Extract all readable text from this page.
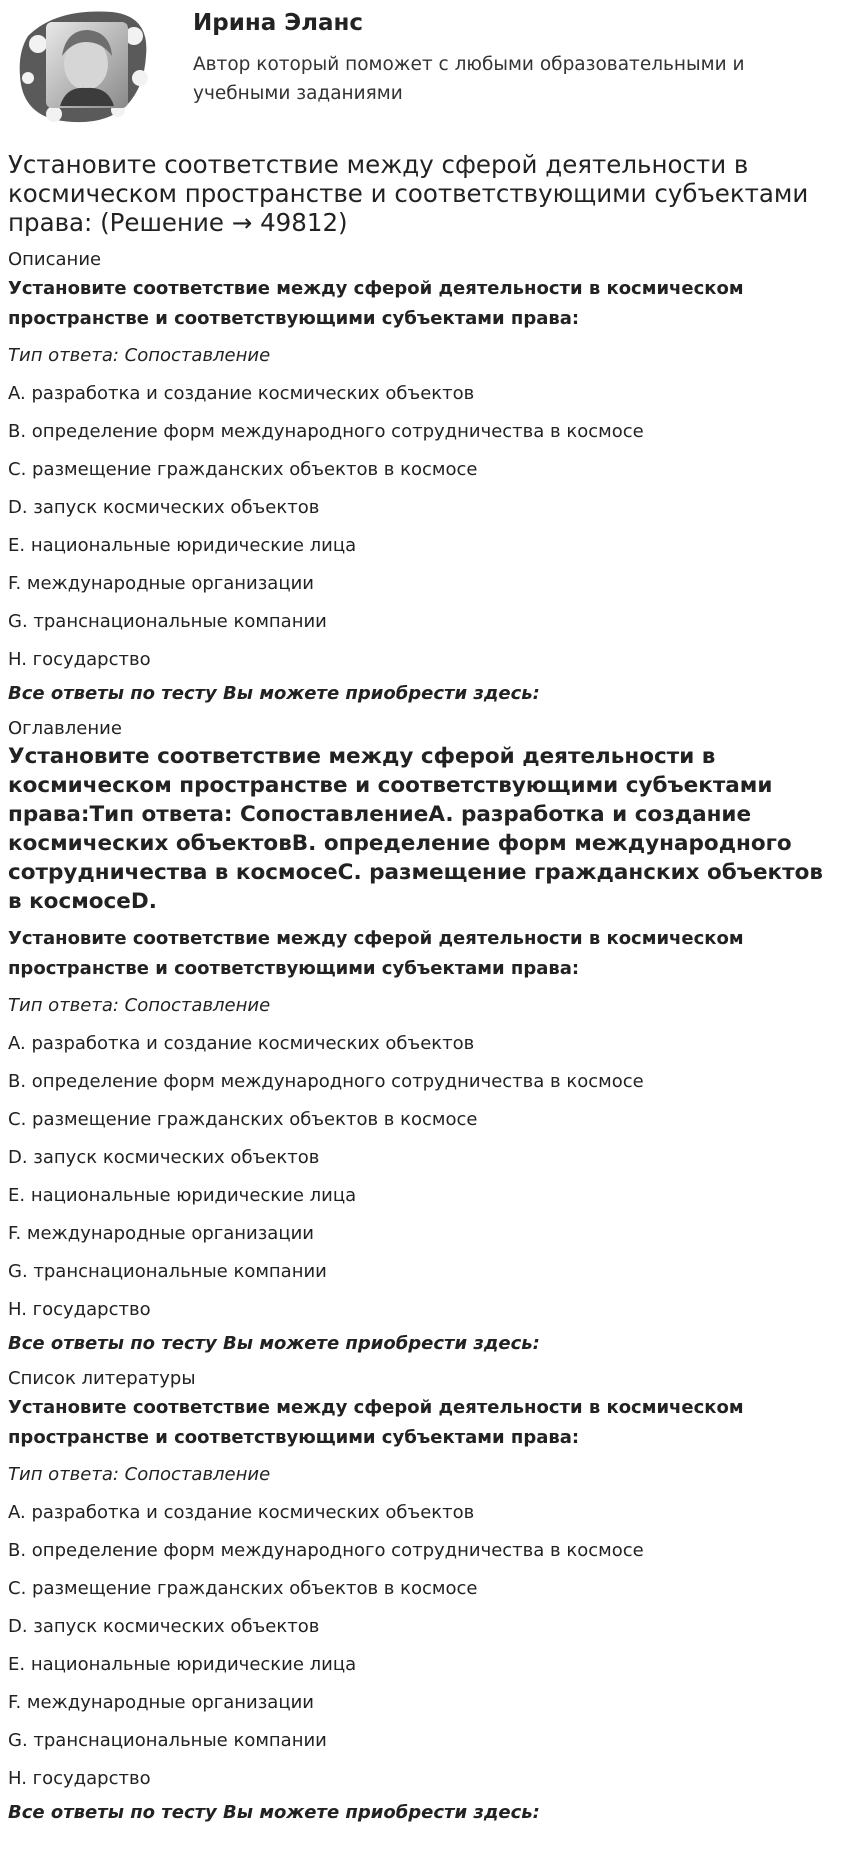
Ирина Эланс

Автор который поможет с любыми образовательными и учебными заданиями

Установите соответствие между сферой деятельности в космическом пространстве и соответствующими субъектами права: (Решение → 49812)
Описание

Установите соответствие между сферой деятельности в космическом пространстве и соответствующими субъектами права:

Тип ответа: Сопоставление

A. разработка и создание космических объектов
B. определение форм международного сотрудничества в космосе
C. размещение гражданских объектов в космосе
D. запуск космических объектов
E. национальные юридические лица
F. международные организации
G. транснациональные компании
H. государство

Все ответы по тесту Вы можете приобрести здесь:

Оглавление

Установите соответствие между сферой деятельности в космическом пространстве и соответствующими субъектами права:Тип ответа: СопоставлениеA. разработка и создание космических объектовB. определение форм международного сотрудничества в космосеC. размещение гражданских объектов в космосеD.

Установите соответствие между сферой деятельности в космическом пространстве и соответствующими субъектами права:

Тип ответа: Сопоставление

A. разработка и создание космических объектов
B. определение форм международного сотрудничества в космосе
C. размещение гражданских объектов в космосе
D. запуск космических объектов
E. национальные юридические лица
F. международные организации
G. транснациональные компании
H. государство

Все ответы по тесту Вы можете приобрести здесь:

Список литературы

Установите соответствие между сферой деятельности в космическом пространстве и соответствующими субъектами права:

Тип ответа: Сопоставление

A. разработка и создание космических объектов
B. определение форм международного сотрудничества в космосе
C. размещение гражданских объектов в космосе
D. запуск космических объектов
E. национальные юридические лица
F. международные организации
G. транснациональные компании
H. государство

Все ответы по тесту Вы можете приобрести здесь:
